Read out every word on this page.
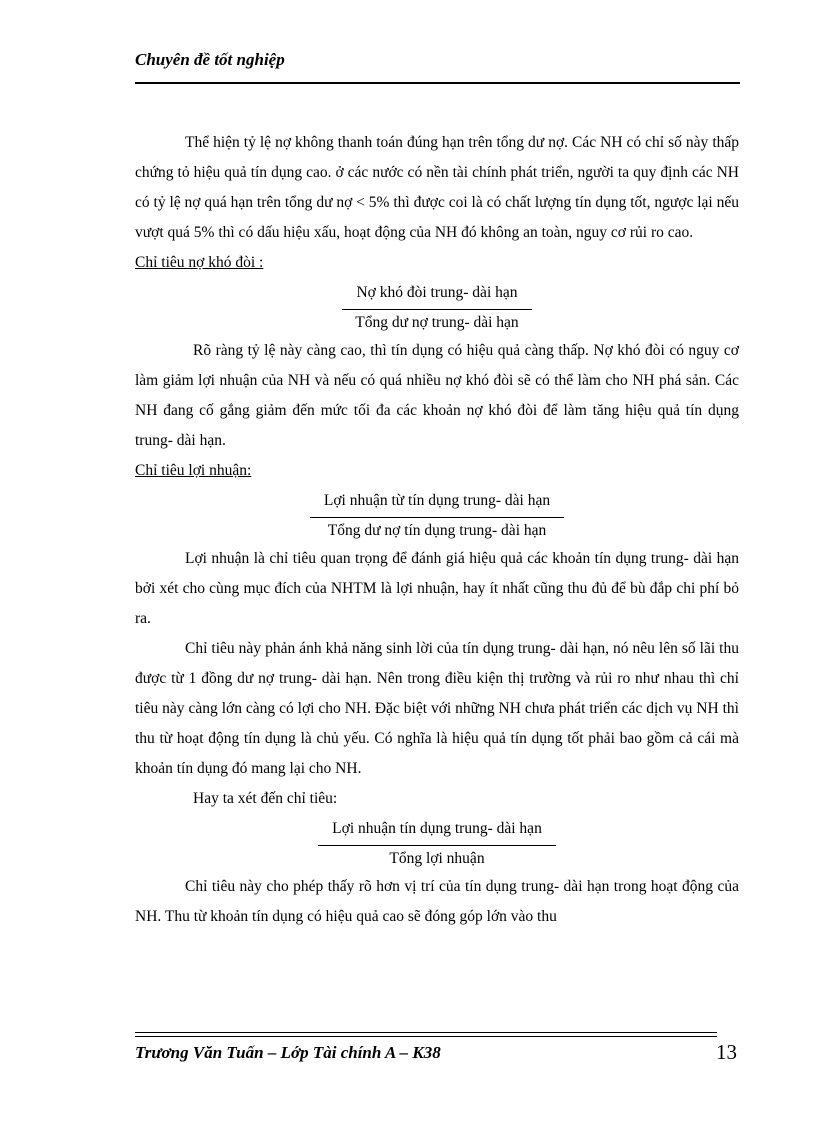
Chuyên đề tốt nghiệp

Thể hiện tỷ lệ nợ không thanh toán đúng hạn trên tổng dư nợ. Các NH có chỉ số này thấp chứng tỏ hiệu quả tín dụng cao. ở các nước có nền tài chính phát triển, người ta quy định các NH có tỷ lệ nợ quá hạn trên tổng dư nợ < 5% thì được coi là có chất lượng tín dụng tốt, ngược lại nếu vượt quá 5% thì có dấu hiệu xấu, hoạt động của NH đó không an toàn, nguy cơ rủi ro cao.

Chỉ tiêu nợ khó đòi :

Nợ khó đòi trung- dài hạn
Tổng dư nợ trung- dài hạn

Rõ ràng tỷ lệ này càng cao, thì tín dụng có hiệu quả càng thấp. Nợ khó đòi có nguy cơ làm giảm lợi nhuận của NH và nếu có quá nhiều nợ khó đòi sẽ có thể làm cho NH phá sản. Các NH đang cố gắng giảm đến mức tối đa các khoản nợ khó đòi để làm tăng hiệu quả tín dụng trung- dài hạn.

Chỉ tiêu lợi nhuận:

Lợi nhuận từ tín dụng trung- dài hạn
Tổng dư nợ tín dụng trung- dài hạn

Lợi nhuận là chỉ tiêu quan trọng để đánh giá hiệu quả các khoản tín dụng trung- dài hạn bởi xét cho cùng mục đích của NHTM là lợi nhuận, hay ít nhất cũng thu đủ để bù đắp chi phí bỏ ra.

Chỉ tiêu này phản ánh khả năng sinh lời của tín dụng trung- dài hạn, nó nêu lên số lãi thu được từ 1 đồng dư nợ trung- dài hạn. Nên trong điều kiện thị trường và rủi ro như nhau thì chỉ tiêu này càng lớn càng có lợi cho NH. Đặc biệt với những NH chưa phát triển các dịch vụ NH thì thu từ hoạt động tín dụng là chủ yếu. Có nghĩa là hiệu quả tín dụng tốt phải bao gồm cả cái mà khoản tín dụng đó mang lại cho NH.

Hay ta xét đến chỉ tiêu:

Lợi nhuận tín dụng trung- dài hạn
Tổng lợi nhuận

Chỉ tiêu này cho phép thấy rõ hơn vị trí của tín dụng trung- dài hạn trong hoạt động của NH. Thu từ khoản tín dụng có hiệu quả cao sẽ đóng góp lớn vào thu

Trương Văn Tuấn – Lớp Tài chính A – K38	13
